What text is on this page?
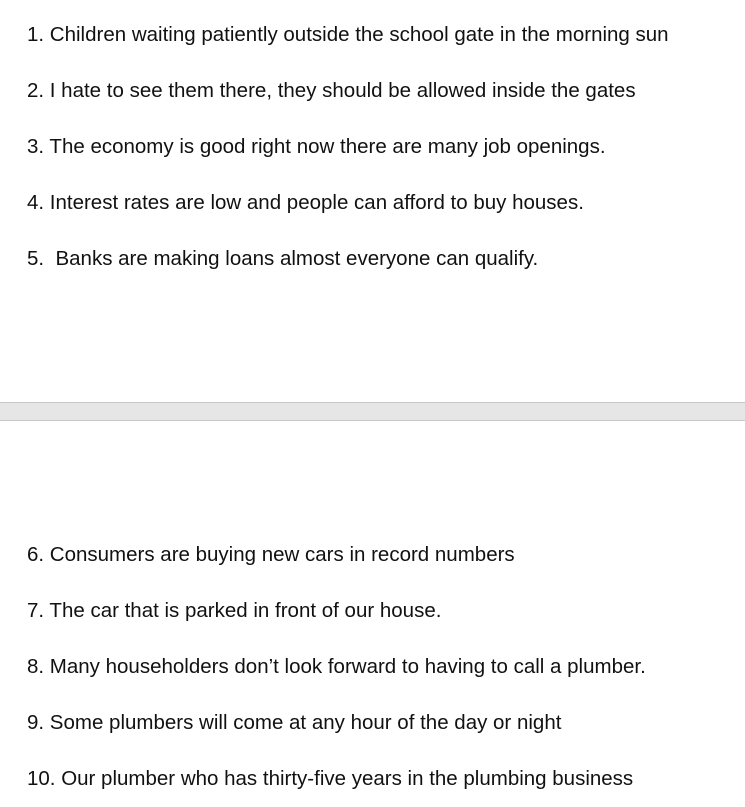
1. Children waiting patiently outside the school gate in the morning sun
2. I hate to see them there, they should be allowed inside the gates
3. The economy is good right now there are many job openings.
4. Interest rates are low and people can afford to buy houses.
5.  Banks are making loans almost everyone can qualify.
6. Consumers are buying new cars in record numbers
7. The car that is parked in front of our house.
8. Many householders don’t look forward to having to call a plumber.
9. Some plumbers will come at any hour of the day or night
10. Our plumber who has thirty-five years in the plumbing business
